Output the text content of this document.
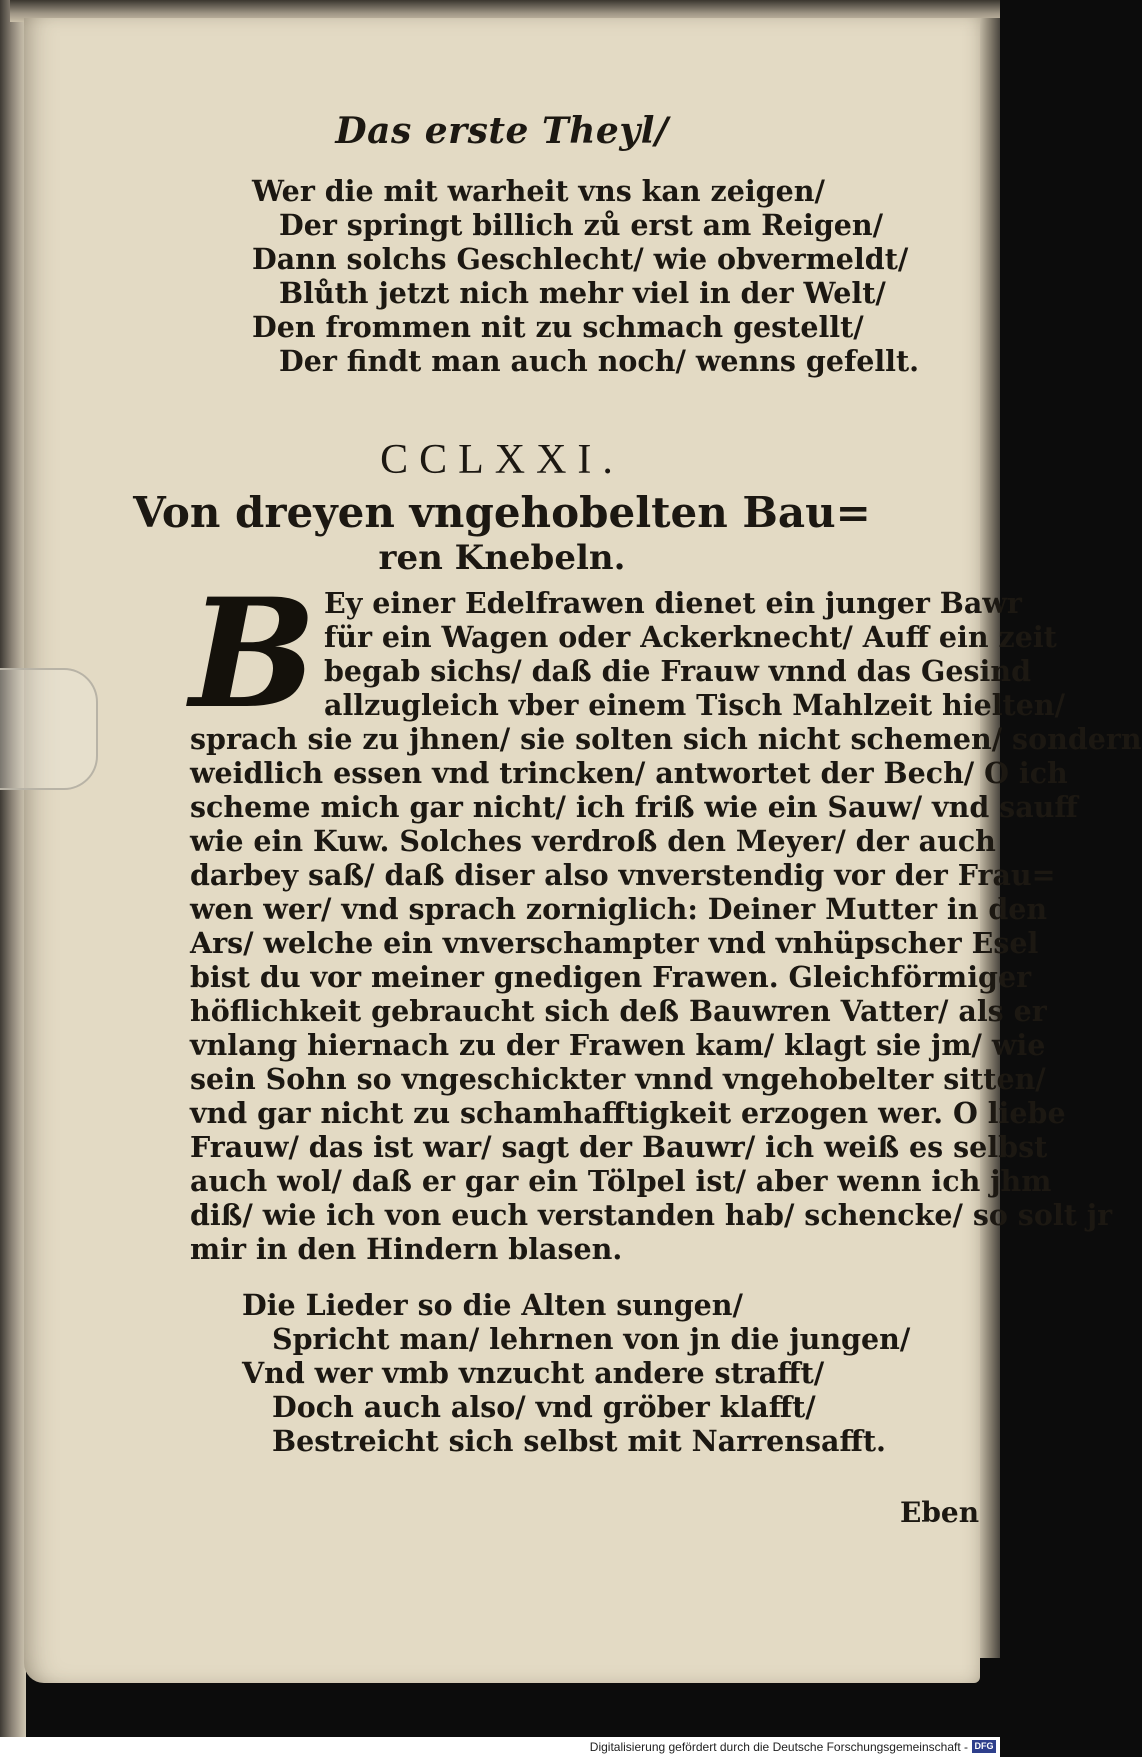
Das erste Theyl/
Wer die mit warheit vns kan zeigen/
Der springt billich zů erst am Reigen/
Dann solchs Geschlecht/ wie obvermeldt/
Blůth jetzt nich mehr viel in der Welt/
Den frommen nit zu schmach gestellt/
Der findt man auch noch/ wenns gefellt.
CCLXXI.
Von dreyen vngehobelten Bau=
ren Knebeln.
B Ey einer Edelfrawen dienet ein junger Bawr
für ein Wagen oder Ackerknecht/ Auff ein zeit
begab sichs/ daß die Frauw vnnd das Gesind
allzugleich vber einem Tisch Mahlzeit hielten/
sprach sie zu jhnen/ sie solten sich nicht schemen/ sondern
weidlich essen vnd trincken/ antwortet der Bech/ O ich
scheme mich gar nicht/ ich friß wie ein Sauw/ vnd sauff
wie ein Kuw. Solches verdroß den Meyer/ der auch
darbey saß/ daß diser also vnverstendig vor der Frau=
wen wer/ vnd sprach zorniglich: Deiner Mutter in den
Ars/ welche ein vnverschampter vnd vnhüpscher Esel
bist du vor meiner gnedigen Frawen. Gleichförmiger
höflichkeit gebraucht sich deß Bauwren Vatter/ als er
vnlang hiernach zu der Frawen kam/ klagt sie jm/ wie
sein Sohn so vngeschickter vnnd vngehobelter sitten/
vnd gar nicht zu schamhafftigkeit erzogen wer. O liebe
Frauw/ das ist war/ sagt der Bauwr/ ich weiß es selbst
auch wol/ daß er gar ein Tölpel ist/ aber wenn ich jhm
diß/ wie ich von euch verstanden hab/ schencke/ so solt jr
mir in den Hindern blasen.
Die Lieder so die Alten sungen/
Spricht man/ lehrnen von jn die jungen/
Vnd wer vmb vnzucht andere strafft/
Doch auch also/ vnd gröber klafft/
Bestreicht sich selbst mit Narrensafft.
Eben
Digitalisierung gefördert durch die Deutsche Forschungsgemeinschaft - DFG
